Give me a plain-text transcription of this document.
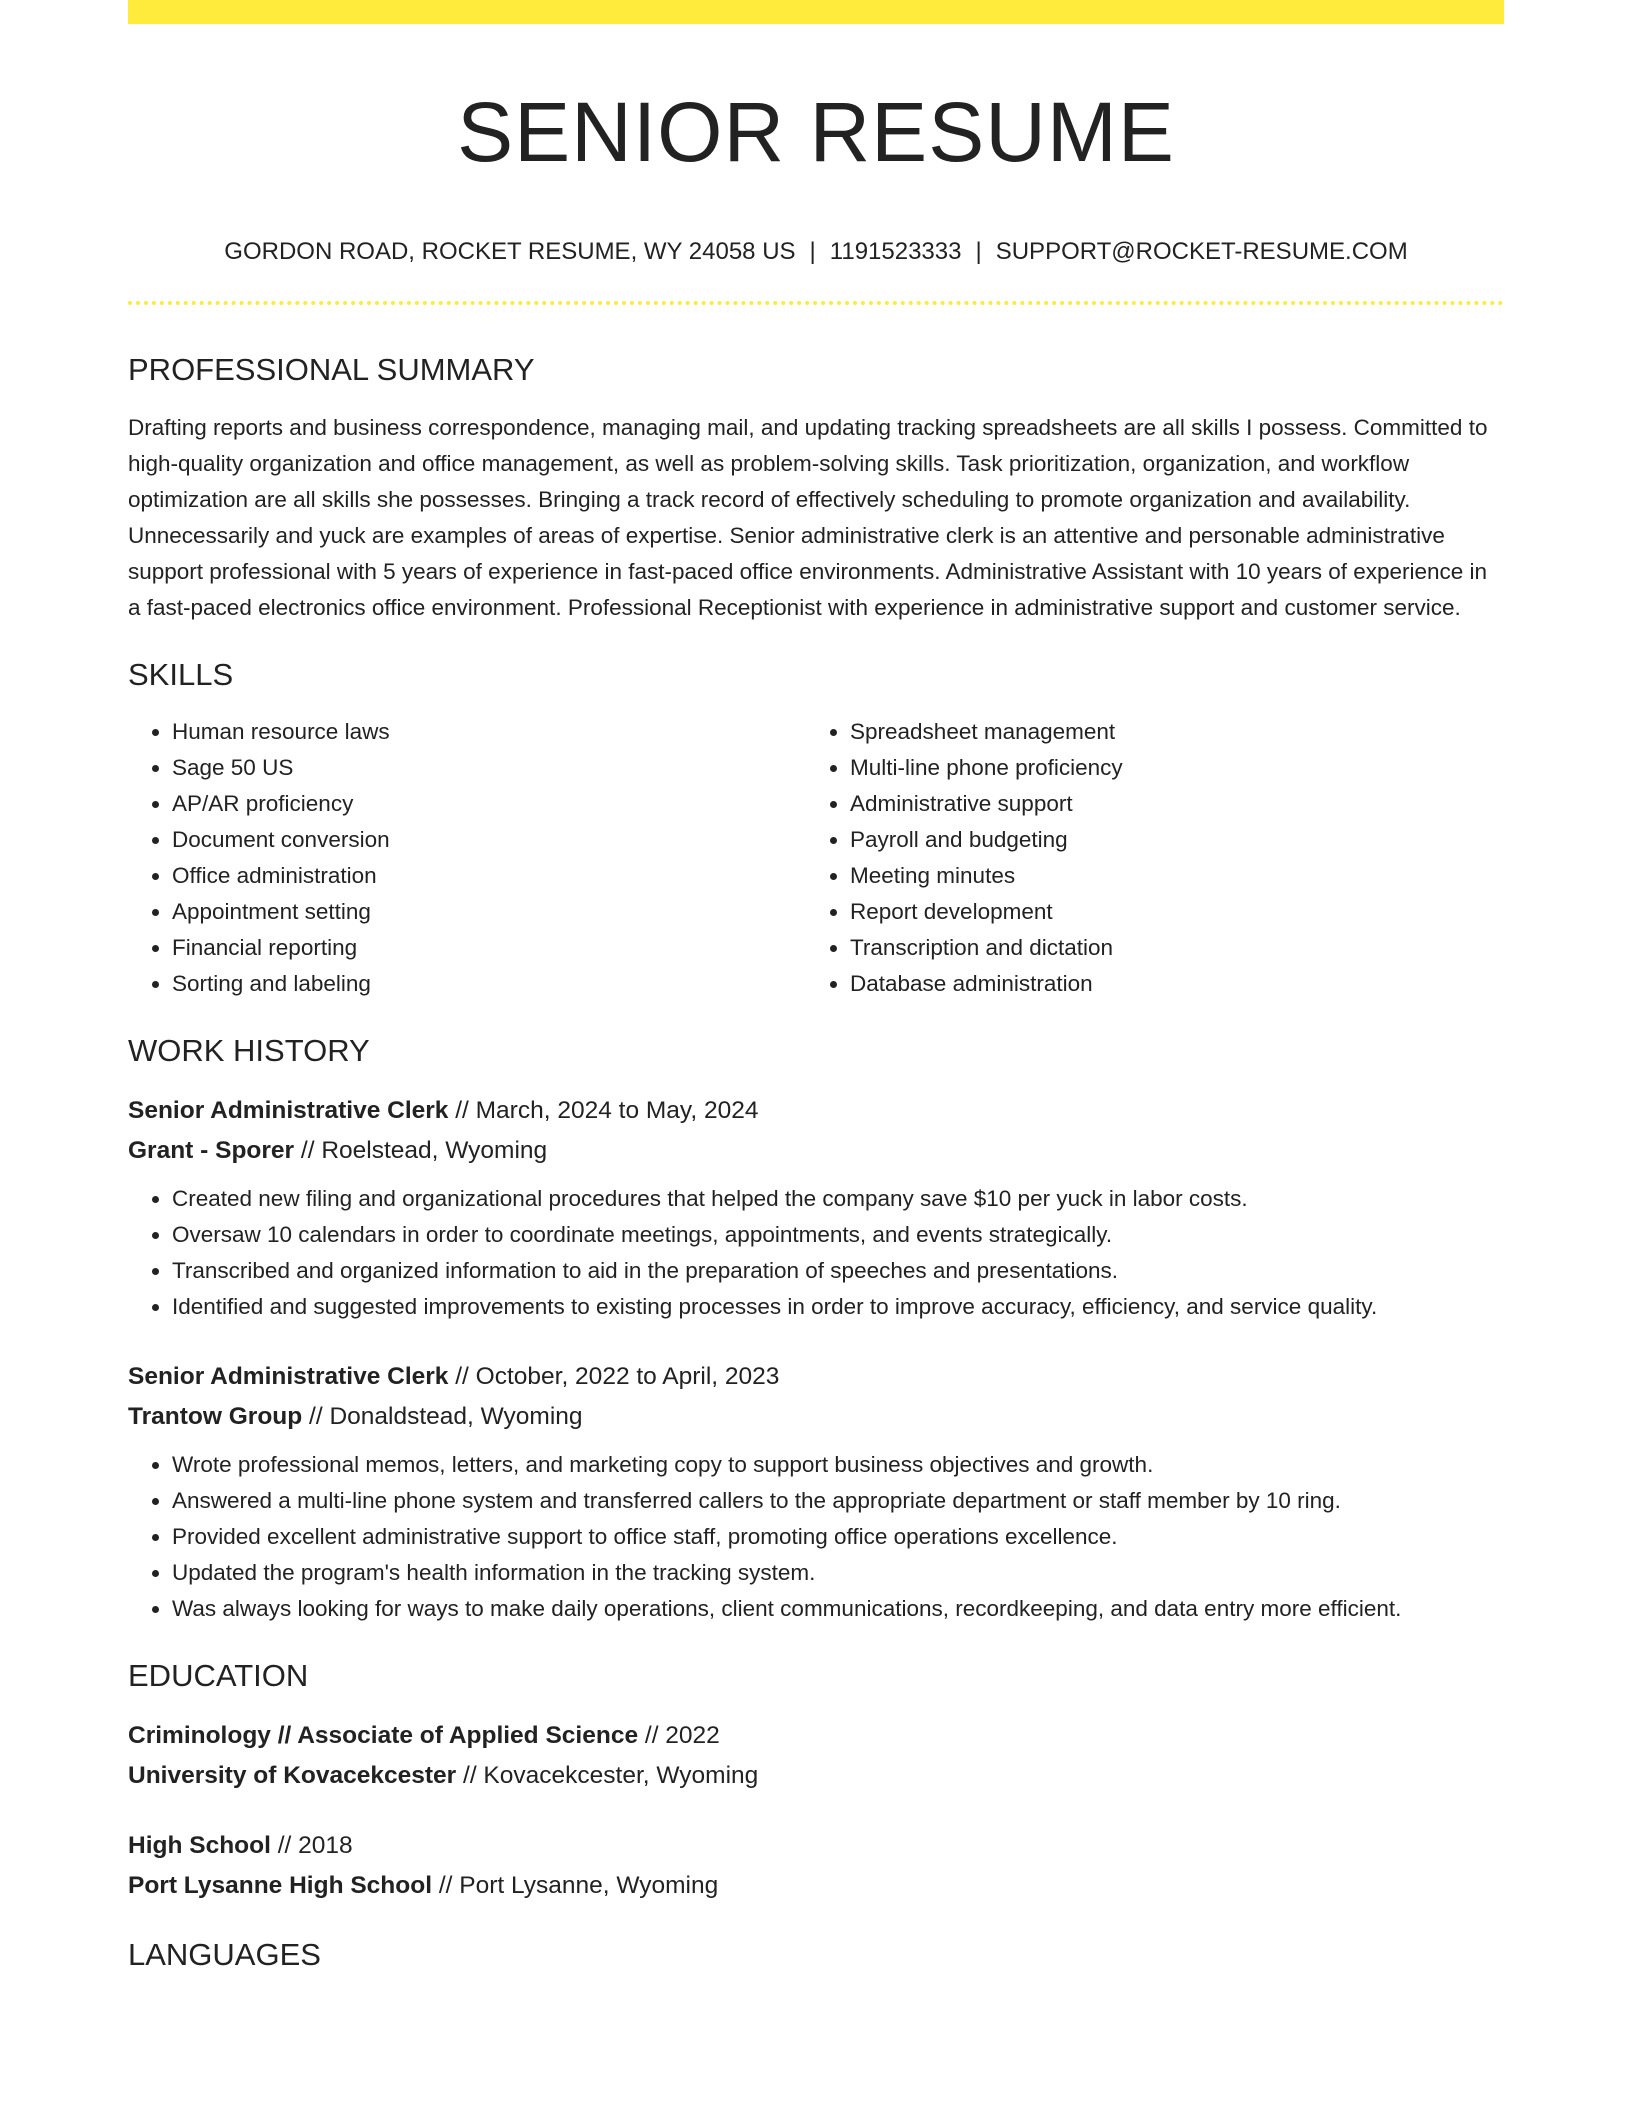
SENIOR RESUME
GORDON ROAD, ROCKET RESUME, WY 24058 US | 1191523333 | SUPPORT@ROCKET-RESUME.COM
PROFESSIONAL SUMMARY
Drafting reports and business correspondence, managing mail, and updating tracking spreadsheets are all skills I possess. Committed to high-quality organization and office management, as well as problem-solving skills. Task prioritization, organization, and workflow optimization are all skills she possesses. Bringing a track record of effectively scheduling to promote organization and availability. Unnecessarily and yuck are examples of areas of expertise. Senior administrative clerk is an attentive and personable administrative support professional with 5 years of experience in fast-paced office environments. Administrative Assistant with 10 years of experience in a fast-paced electronics office environment. Professional Receptionist with experience in administrative support and customer service.
SKILLS
• Human resource laws
• Sage 50 US
• AP/AR proficiency
• Document conversion
• Office administration
• Appointment setting
• Financial reporting
• Sorting and labeling
• Spreadsheet management
• Multi-line phone proficiency
• Administrative support
• Payroll and budgeting
• Meeting minutes
• Report development
• Transcription and dictation
• Database administration
WORK HISTORY
Senior Administrative Clerk // March, 2024 to May, 2024
Grant - Sporer // Roelstead, Wyoming
• Created new filing and organizational procedures that helped the company save $10 per yuck in labor costs.
• Oversaw 10 calendars in order to coordinate meetings, appointments, and events strategically.
• Transcribed and organized information to aid in the preparation of speeches and presentations.
• Identified and suggested improvements to existing processes in order to improve accuracy, efficiency, and service quality.
Senior Administrative Clerk // October, 2022 to April, 2023
Trantow Group // Donaldstead, Wyoming
• Wrote professional memos, letters, and marketing copy to support business objectives and growth.
• Answered a multi-line phone system and transferred callers to the appropriate department or staff member by 10 ring.
• Provided excellent administrative support to office staff, promoting office operations excellence.
• Updated the program's health information in the tracking system.
• Was always looking for ways to make daily operations, client communications, recordkeeping, and data entry more efficient.
EDUCATION
Criminology // Associate of Applied Science // 2022
University of Kovacekcester // Kovacekcester, Wyoming
High School // 2018
Port Lysanne High School // Port Lysanne, Wyoming
LANGUAGES
